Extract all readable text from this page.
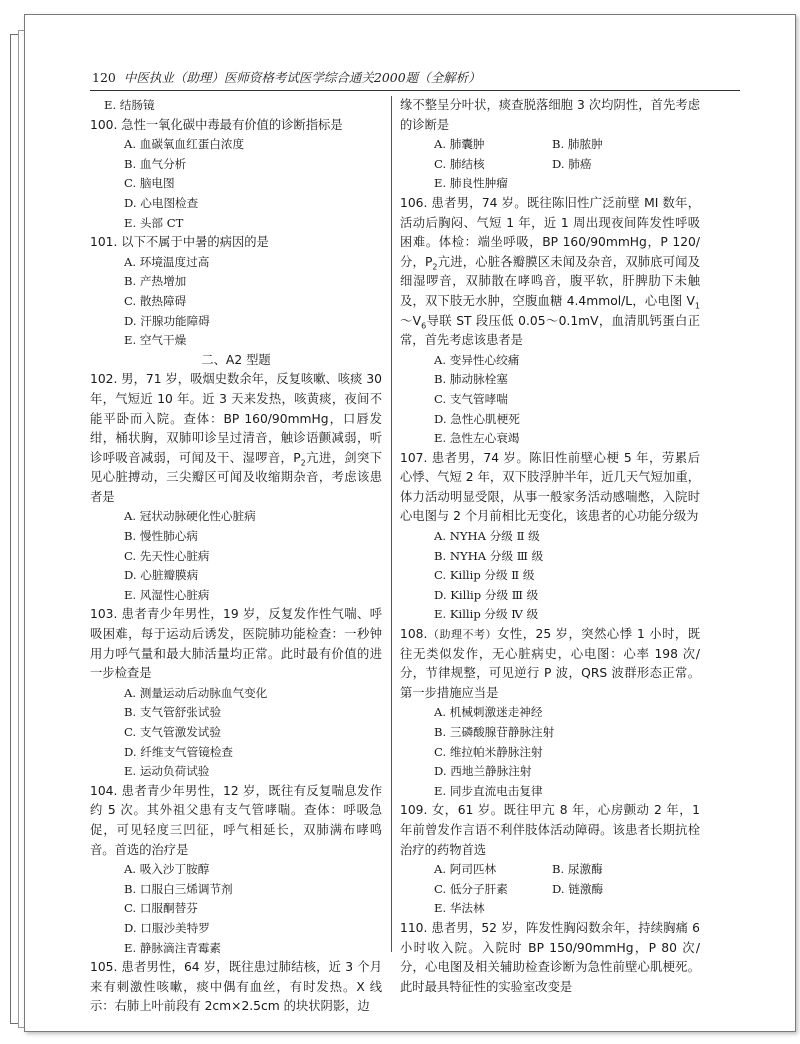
120 中医执业（助理）医师资格考试医学综合通关2000题（全解析）
E. 结肠镜
100. 急性一氧化碳中毒最有价值的诊断指标是
A. 血碳氧血红蛋白浓度
B. 血气分析
C. 脑电图
D. 心电图检查
E. 头部 CT
101. 以下不属于中暑的病因的是
A. 环境温度过高
B. 产热增加
C. 散热障碍
D. 汗腺功能障碍
E. 空气干燥
二、A2 型题
102. 男，71 岁，吸烟史数余年，反复咳嗽、咳痰 30 年，气短近 10 年。近 3 天来发热，咳黄痰，夜间不能平卧而入院。查体：BP 160/90mmHg，口唇发绀，桶状胸，双肺叩诊呈过清音，触诊语颤减弱，听诊呼吸音减弱，可闻及干、湿啰音，$P_2$亢进，剑突下见心脏搏动，三尖瓣区可闻及收缩期杂音，考虑该患者是
A. 冠状动脉硬化性心脏病
B. 慢性肺心病
C. 先天性心脏病
D. 心脏瓣膜病
E. 风湿性心脏病
103. 患者青少年男性，19 岁，反复发作性气喘、呼吸困难，每于运动后诱发，医院肺功能检查：一秒钟用力呼气量和最大肺活量均正常。此时最有价值的进一步检查是
A. 测量运动后动脉血气变化
B. 支气管舒张试验
C. 支气管激发试验
D. 纤维支气管镜检查
E. 运动负荷试验
104. 患者青少年男性，12 岁，既往有反复喘息发作约 5 次。其外祖父患有支气管哮喘。查体：呼吸急促，可见轻度三凹征，呼气相延长，双肺满布哮鸣音。首选的治疗是
A. 吸入沙丁胺醇
B. 口服白三烯调节剂
C. 口服酮替芬
D. 口服沙美特罗
E. 静脉滴注青霉素
105. 患者男性，64 岁，既往患过肺结核，近 3 个月来有刺激性咳嗽，痰中偶有血丝，有时发热。X 线示：右肺上叶前段有 2cm×2.5cm 的块状阴影，边
缘不整呈分叶状，痰查脱落细胞 3 次均阴性，首先考虑的诊断是
A. 肺囊肿	B. 肺脓肿
C. 肺结核	D. 肺癌
E. 肺良性肿瘤
106. 患者男，74 岁。既往陈旧性广泛前壁 MI 数年，活动后胸闷、气短 1 年，近 1 周出现夜间阵发性呼吸困难。体检：端坐呼吸，BP 160/90mmHg，P 120/分，$P_2$亢进，心脏各瓣膜区未闻及杂音，双肺底可闻及细湿啰音，双肺散在哮鸣音，腹平软，肝脾肋下未触及，双下肢无水肿，空腹血糖 4.4mmol/L，心电图 $V_1\sim V_6$导联 ST 段压低 0.05～0.1mV，血清肌钙蛋白正常，首先考虑该患者是
A. 变异性心绞痛
B. 肺动脉栓塞
C. 支气管哮喘
D. 急性心肌梗死
E. 急性左心衰竭
107. 患者男，74 岁。陈旧性前壁心梗 5 年，劳累后心悸、气短 2 年，双下肢浮肿半年，近几天气短加重，体力活动明显受限，从事一般家务活动感喘憋，入院时心电图与 2 个月前相比无变化，该患者的心功能分级为
A. NYHA 分级 Ⅱ 级
B. NYHA 分级 Ⅲ 级
C. Killip 分级 Ⅱ 级
D. Killip 分级 Ⅲ 级
E. Killip 分级 Ⅳ 级
108.（助理不考）女性，25 岁，突然心悸 1 小时，既往无类似发作，无心脏病史，心电图：心率 198 次/分，节律规整，可见逆行 P 波，QRS 波群形态正常。第一步措施应当是
A. 机械刺激迷走神经
B. 三磷酸腺苷静脉注射
C. 维拉帕米静脉注射
D. 西地兰静脉注射
E. 同步直流电击复律
109. 女，61 岁。既往甲亢 8 年，心房颤动 2 年，1 年前曾发作言语不利伴肢体活动障碍。该患者长期抗栓治疗的药物首选
A. 阿司匹林	B. 尿激酶
C. 低分子肝素	D. 链激酶
E. 华法林
110. 患者男，52 岁，阵发性胸闷数余年，持续胸痛 6 小时收入院。入院时 BP 150/90mmHg，P 80 次/分，心电图及相关辅助检查诊断为急性前壁心肌梗死。此时最具特征性的实验室改变是
